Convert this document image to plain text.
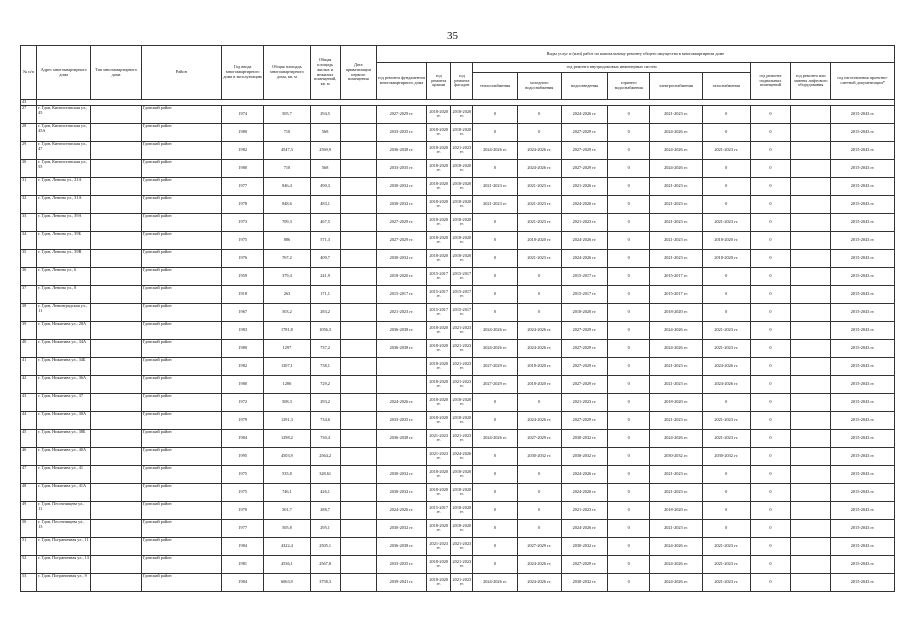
35
№ п/п	Адрес многоквартирного дома	Тип многоквартирного дома	Район	Год ввода многоквартирного дома в эксплуатацию	Общая площадь многоквартирного дома, кв. м	Общая площадь жилых и нежилых помещений, кв. м	Дата приватизации первого помещения	Виды услуг и (или) работ по капитальному ремонту общего имущества в многоквартирном доме											
								год ремонта фундаментов многоквартирного дома	год ремонта крыши	год ремонта фасадов	год ремонта внутридомовых инженерных систем						год ремонта подвальных помещений	год ремонта или замены лифтового оборудования	год изготовления проектно-сметной документации*
											теплоснабжения	холодного водоснабжения	водоотведения	горячего водоснабжения	электроснабжения	газоснабжения			
43																			
27	г. Гдов, Кингисеппская ул., 45		Гдовский район	1974	505,7	294,5		2027-2029 гг.	2018-2020 гг.	2018-2020 гг.	0	0	2024-2026 гг.	0	2021-2023 гг.	0	0		2015-2043 гг.
28	г. Гдов, Кингисеппская ул., 45А		Гдовский район	1980	710	568		2033-2035 гг.	2018-2020 гг.	2018-2020 гг.	0	0	2027-2029 гг.	0	2024-2026 гг.	0	0		2015-2043 гг.
29	г. Гдов, Кингисеппская ул., 47		Гдовский район	1982	4547,3	2569,9		2036-2038 гг.	2018-2020 гг.	2021-2023 гг.	2024-2026 гг.	2024-2026 гг.	2027-2029 гг.	0	2024-2026 гг.	2021-2023 гг.	0		2015-2043 гг.
30	г. Гдов, Кингисеппская ул., 55		Гдовский район	1980	710	568		2033-2035 гг.	2018-2020 гг.	2018-2020 гг.	0	2024-2026 гг.	2027-2029 гг.	0	2024-2026 гг.	0	0		2015-2043 гг.
31	г. Гдов, Ленина ул., 21А		Гдовский район	1977	846,4	490,3		2030-2032 гг.	2018-2020 гг.	2018-2020 гг.	2021-2023 гг.	2021-2023 гг.	2021-2026 гг.	0	2021-2023 гг.	0	0		2015-2043 гг.
32	г. Гдов, Ленина ул., 31А		Гдовский район	1978	848,6	483,1		2030-2032 гг.	2018-2020 гг.	2018-2020 гг.	2021-2023 гг.	2021-2023 гг.	2024-2026 гг.	0	2021-2023 гг.	0	0		2015-2043 гг.
33	г. Гдов, Ленина ул., 39А		Гдовский район	1973	709,3	467,5		2027-2029 гг.	2018-2020 гг.	2018-2020 гг.	0	2021-2023 гг.	2021-2023 гг.	0	2021-2023 гг.	2021-2023 гг.	0		2015-2043 гг.
34	г. Гдов, Ленина ул., 39Б		Гдовский район	1975	886	571,3		2027-2029 гг.	2018-2020 гг.	2018-2020 гг.	0	2018-2020 гг.	2024-2026 гг.	0	2021-2023 гг.	2018-2020 гг.	0		2015-2043 гг.
35	г. Гдов, Ленина ул., 39В		Гдовский район	1976	767,2	409,7		2030-2032 гг.	2018-2020 гг.	2018-2020 гг.	0	2021-2023 гг.	2024-2026 гг.	0	2021-2023 гг.	2018-2020 гг.	0		2015-2043 гг.
36	г. Гдов, Ленина ул., 6		Гдовский район	1959	379,4	241,9		2018-2020 гг.	2015-2017 гг.	2015-2017 гг.	0	0	2015-2017 гг.	0	2015-2017 гг.	0	0		2015-2043 гг.
37	г. Гдов, Ленина ул., 8		Гдовский район	1918	263	171,1		2015-2017 гг.	2015-2017 гг.	2015-2017 гг.	0	0	2015-2017 гг.	0	2015-2017 гг.	0	0		2015-2043 гг.
38	г. Гдов, Ленинградская ул., 11		Гдовский район	1967	503,2	283,2		2021-2023 гг.	2015-2017 гг.	2015-2017 гг.	0	0	2018-2020 гг.	0	2018-2020 гг.	0	0		2015-2043 гг.
39	г. Гдов, Никитина ул., 28А		Гдовский район	1983	1781,8	1056,3		2036-2038 гг.	2018-2020 гг.	2021-2023 гг.	2024-2026 гг.	2024-2026 гг.	2027-2029 гг.	0	2024-2026 гг.	2021-2023 гг.	0		2015-2043 гг.
40	г. Гдов, Никитина ул., 34А		Гдовский район	1980	1297	737,2		2036-2038 гг.	2018-2020 гг.	2021-2023 гг.	2024-2026 гг.	2024-2026 гг.	2027-2029 гг.	0	2024-2026 гг.	2021-2023 гг.	0		2015-2043 гг.
41	г. Гдов, Никитина ул., 34Б		Гдовский район	1982	1307,1	738,1			2018-2020 гг.	2021-2023 гг.	2027-2029 гг.	2018-2020 гг.	2027-2029 гг.	0	2021-2023 гг.	2024-2026 гг.	0		2015-2043 гг.
42	г. Гдов, Никитина ул., 36А		Гдовский район	1980	1286	729,2			2018-2020 гг.	2021-2023 гг.	2027-2029 гг.	2018-2020 гг.	2027-2029 гг.	0	2021-2023 гг.	2024-2026 гг.	0		2015-2043 гг.
43	г. Гдов, Никитина ул., 37		Гдовский район	1972	508,3	293,2		2024-2026 гг.	2018-2020 гг.	2018-2020 гг.	0	0	2021-2023 гг.	0	2018-2020 гг.	0	0		2015-2043 гг.
44	г. Гдов, Никитина ул., 38А		Гдовский район	1979	1291,3	734,6		2033-2035 гг.	2018-2020 гг.	2018-2020 гг.	0	2024-2026 гг.	2027-2029 гг.	0	2021-2023 гг.	2021-2023 гг.	0		2015-2043 гг.
45	г. Гдов, Никитина ул., 38Б		Гдовский район	1984	1298,2	730,4		2036-2038 гг.	2021-2023 гг.	2021-2023 гг.	2024-2026 гг.	2027-2029 гг.	2030-2032 гг.	0	2024-2026 гг.	2021-2023 гг.	0		2015-2043 гг.
46	г. Гдов, Никитина ул., 40А		Гдовский район	1995	4503,9	2564,2			2021-2023 гг.	2024-2026 гг.	0	2030-2032 гг.	2030-2032 гг.	0	2030-2032 гг.	2030-2032 гг.	0		2015-2043 гг.
47	г. Гдов, Никитина ул., 41		Гдовский район	1975	535,8	328,61		2030-2032 гг.	2018-2020 гг.	2018-2020 гг.	0	0	2024-2026 гг.	0	2021-2023 гг.	0	0		2015-2043 гг.
48	г. Гдов, Никитина ул., 41А		Гдовский район	1975	746,1	426,1		2030-2032 гг.	2018-2020 гг.	2018-2020 гг.	0	0	2024-2026 гг.	0	2021-2023 гг.	0	0		2015-2043 гг.
49	г. Гдов, Песочнищева ул., 11		Гдовский район	1970	501,7	288,7		2024-2026 гг.	2015-2017 гг.	2018-2020 гг.	0	0	2021-2023 гг.	0	2018-2020 гг.	0	0		2015-2043 гг.
50	г. Гдов, Песочнищева ул., 13		Гдовский район	1977	505,8	295,1		2030-2032 гг.	2018-2020 гг.	2018-2020 гг.	0	0	2024-2026 гг.	0	2021-2023 гг.	0	0		2015-2043 гг.
51	г. Гдов, Пограничная ул., 11		Гдовский район	1984	4322,4	2505,1		2036-2038 гг.	2021-2023 гг.	2021-2023 гг.	0	2027-2029 гг.	2030-2032 гг.	0	2024-2026 гг.	2021-2023 гг.	0		2015-2043 гг.
52	г. Гдов, Пограничная ул., 13		Гдовский район	1981	4536,1	2567,8		2033-2035 гг.	2018-2020 гг.	2021-2023 гг.	0	2024-2026 гг.	2027-2029 гг.	0	2024-2026 гг.	2021-2023 гг.	0		2015-2043 гг.
53	г. Гдов, Пограничная ул., 9		Гдовский район	1984	6063,9	3758,3		2039-2041 гг.	2018-2020 гг.	2021-2023 гг.	2024-2026 гг.	2024-2026 гг.	2030-2032 гг.	0	2024-2026 гг.	2021-2023 гг.	0		2015-2043 гг.
